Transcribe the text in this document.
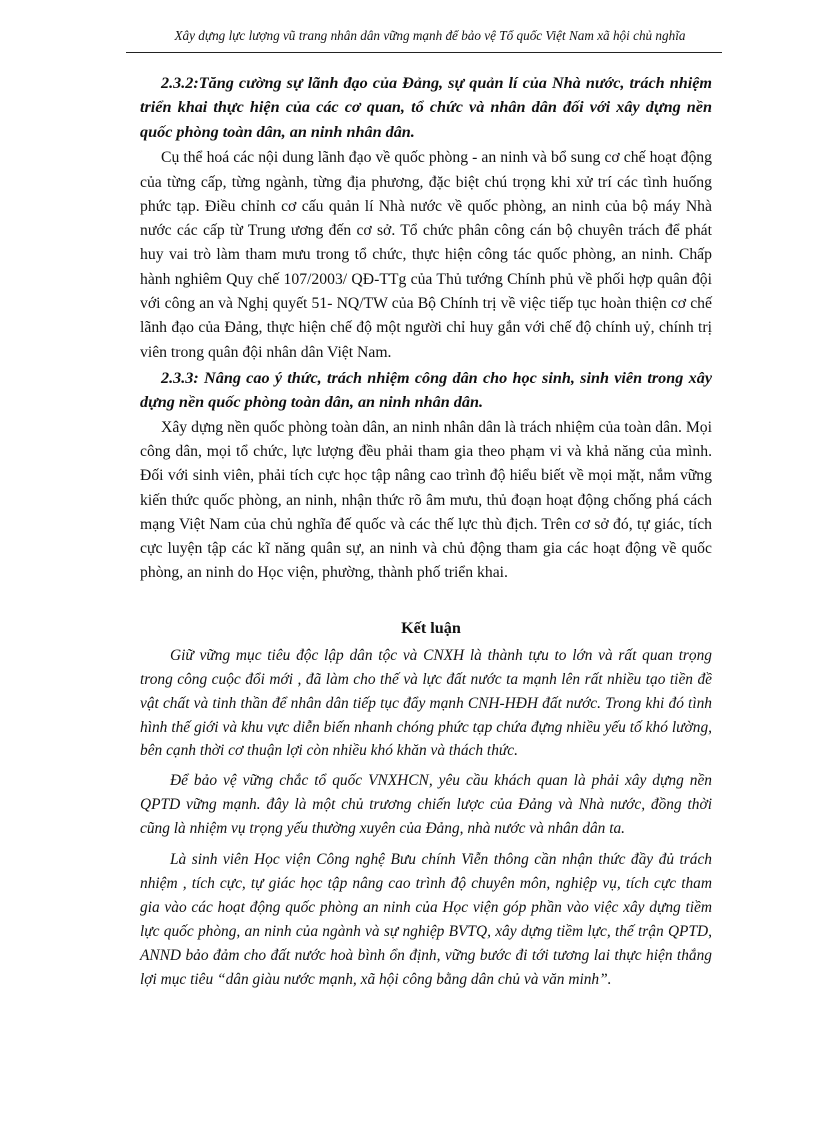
Xây dựng lực lượng vũ trang nhân dân vững mạnh để bảo vệ Tổ quốc Việt Nam xã hội chủ nghĩa

2.3.2:Tăng cường sự lãnh đạo của Đảng, sự quản lí của Nhà nước, trách nhiệm triển khai thực hiện của các cơ quan, tổ chức và nhân dân đối với xây dựng nền quốc phòng toàn dân, an ninh nhân dân.

Cụ thể hoá các nội dung lãnh đạo về quốc phòng - an ninh và bổ sung cơ chế hoạt động của từng cấp, từng ngành, từng địa phương, đặc biệt chú trọng khi xử trí các tình huống phức tạp. Điều chỉnh cơ cấu quản lí Nhà nước về quốc phòng, an ninh của bộ máy Nhà nước các cấp từ Trung ương đến cơ sở. Tổ chức phân công cán bộ chuyên trách để phát huy vai trò làm tham mưu trong tổ chức, thực hiện công tác quốc phòng, an ninh. Chấp hành nghiêm Quy chế 107/2003/ QĐ-TTg của Thủ tướng Chính phủ về phối hợp quân đội với công an và Nghị quyết 51- NQ/TW của Bộ Chính trị về việc tiếp tục hoàn thiện cơ chế lãnh đạo của Đảng, thực hiện chế độ một người chỉ huy gắn với chế độ chính uỷ, chính trị viên trong quân đội nhân dân Việt Nam.

2.3.3: Nâng cao ý thức, trách nhiệm công dân cho học sinh, sinh viên trong xây dựng nền quốc phòng toàn dân, an ninh nhân dân.

Xây dựng nền quốc phòng toàn dân, an ninh nhân dân là trách nhiệm của toàn dân. Mọi công dân, mọi tổ chức, lực lượng đều phải tham gia theo phạm vi và khả năng của mình. Đối với sinh viên, phải tích cực học tập nâng cao trình độ hiểu biết về mọi mặt, nắm vững kiến thức quốc phòng, an ninh, nhận thức rõ âm mưu, thủ đoạn hoạt động chống phá cách mạng Việt Nam của chủ nghĩa đế quốc và các thế lực thù địch. Trên cơ sở đó, tự giác, tích cực luyện tập các kĩ năng quân sự, an ninh và chủ động tham gia các hoạt động về quốc phòng, an ninh do Học viện, phường, thành phố triển khai.

Kết luận

Giữ vững mục tiêu độc lập dân tộc và CNXH là thành tựu to lớn và rất quan trọng trong công cuộc đổi mới , đã làm cho thế và lực đất nước ta mạnh lên rất nhiều tạo tiền đề vật chất và tinh thần để nhân dân tiếp tục đẩy mạnh CNH-HĐH đất nước. Trong khi đó tình hình thế giới và khu vực diễn biến nhanh chóng phức tạp chứa đựng nhiều yếu tố khó lường, bên cạnh thời cơ thuận lợi còn nhiều khó khăn và thách thức.

Để bảo vệ vững chắc tổ quốc VNXHCN, yêu cầu khách quan là phải xây dựng nền QPTD vững mạnh. đây là một chủ trương chiến lược của Đảng và Nhà nước, đồng thời cũng là nhiệm vụ trọng yếu thường xuyên của Đảng, nhà nước và nhân dân ta.

Là sinh viên Học viện Công nghệ Bưu chính Viễn thông cần nhận thức đầy đủ trách nhiệm , tích cực, tự giác học tập nâng cao trình độ chuyên môn, nghiệp vụ, tích cực tham gia vào các hoạt động quốc phòng an ninh của Học viện góp phần vào việc xây dựng tiềm lực quốc phòng, an ninh của ngành và sự nghiệp BVTQ, xây dựng tiềm lực, thế trận QPTD, ANND bảo đảm cho đất nước hoà bình ổn định, vững bước đi tới tương lai thực hiện thắng lợi mục tiêu “dân giàu nước mạnh, xã hội công bằng dân chủ và văn minh”.
